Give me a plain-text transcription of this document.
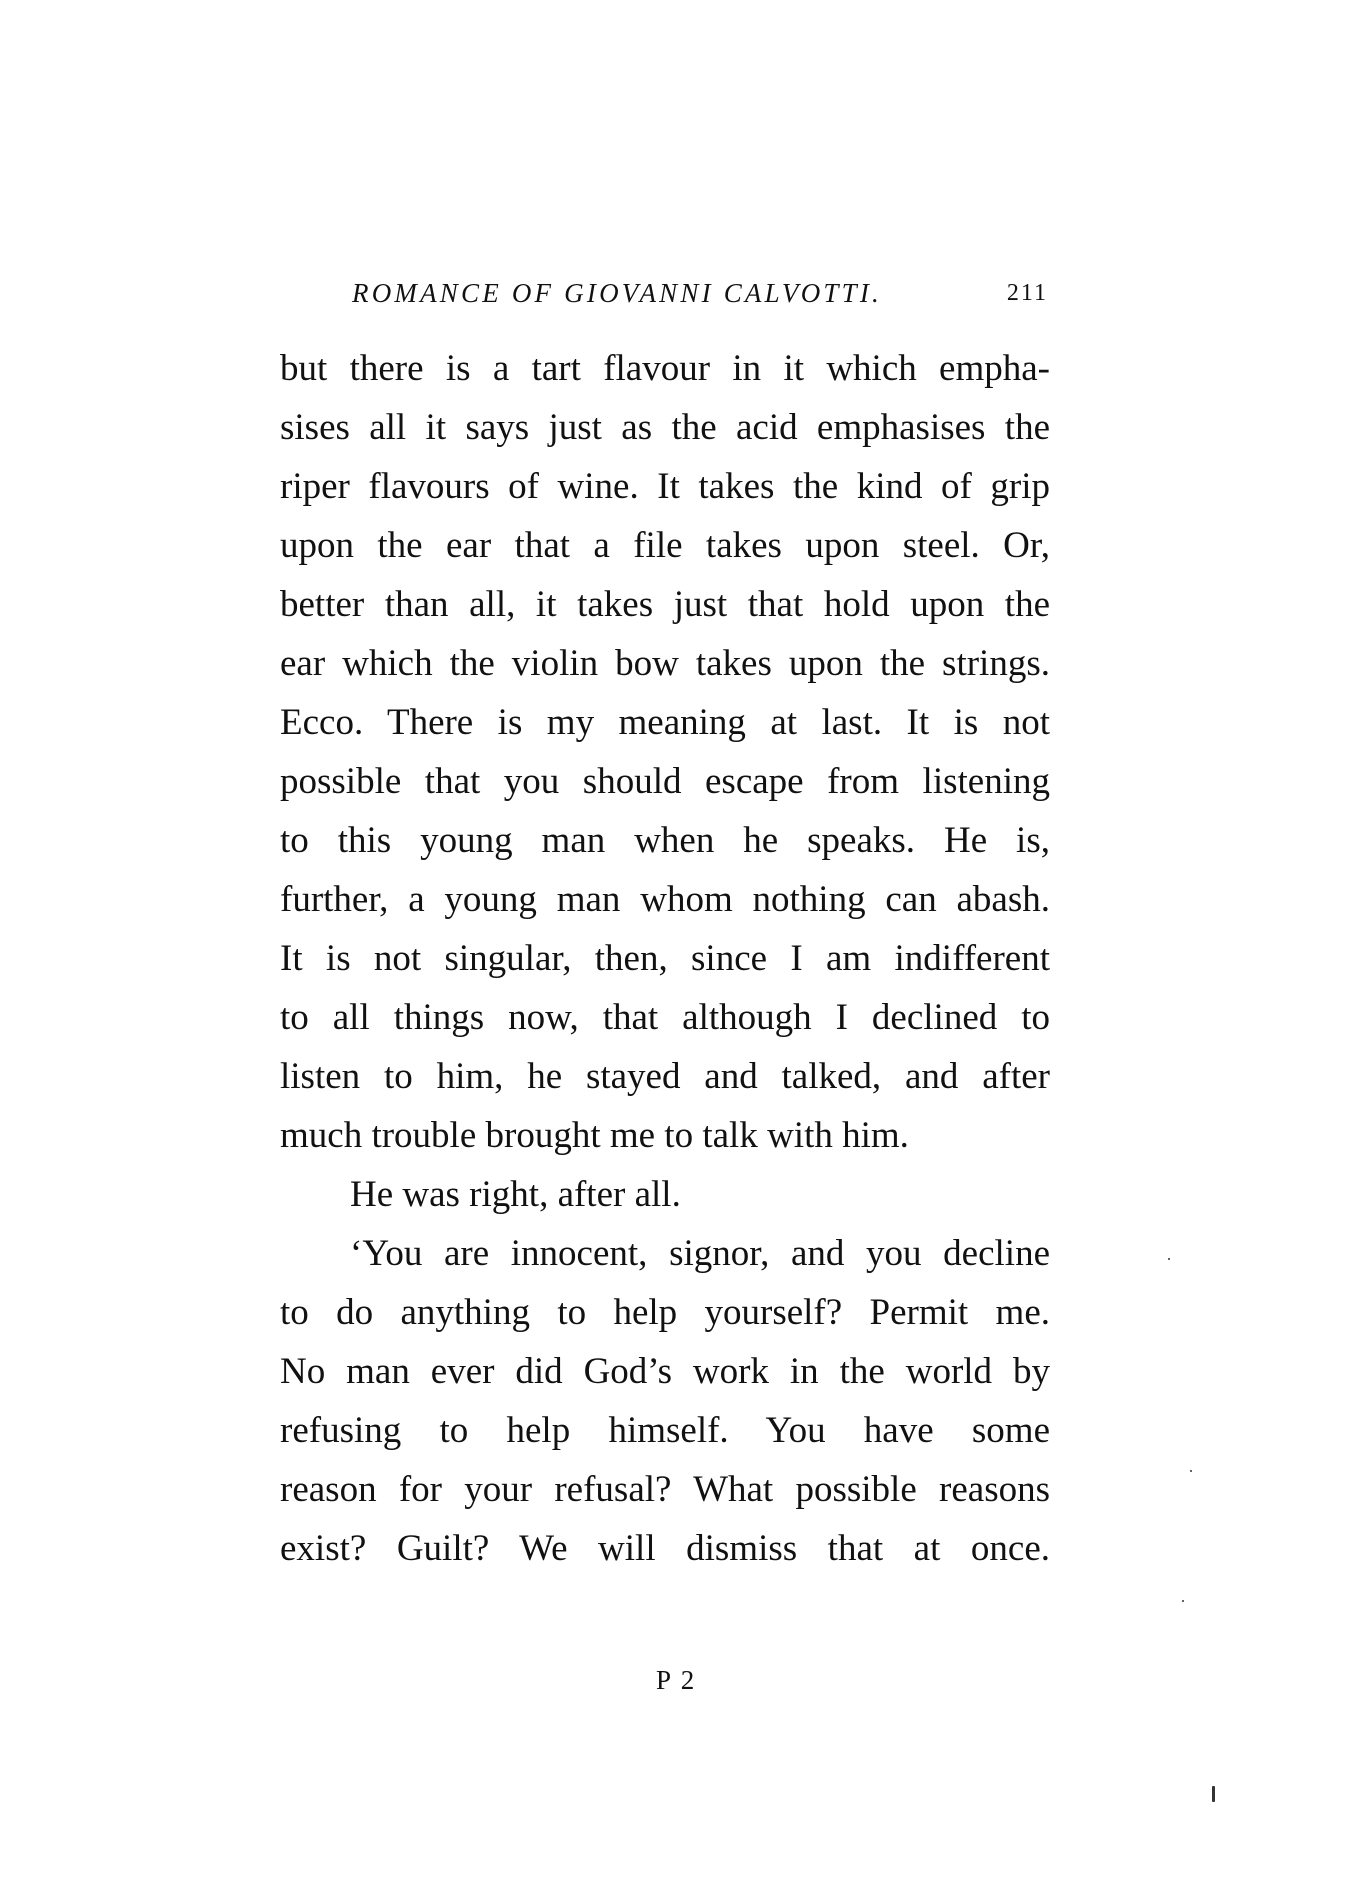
ROMANCE OF GIOVANNI CALVOTTI.	211
but there is a tart flavour in it which empha-
sises all it says just as the acid emphasises the
riper flavours of wine. It takes the kind of grip
upon the ear that a file takes upon steel. Or,
better than all, it takes just that hold upon the
ear which the violin bow takes upon the strings.
Ecco. There is my meaning at last. It is not
possible that you should escape from listening
to this young man when he speaks. He is,
further, a young man whom nothing can abash.
It is not singular, then, since I am indifferent
to all things now, that although I declined to
listen to him, he stayed and talked, and after
much trouble brought me to talk with him.
He was right, after all.
‘You are innocent, signor, and you decline
to do anything to help yourself? Permit me.
No man ever did God’s work in the world by
refusing to help himself. You have some
reason for your refusal? What possible reasons
exist? Guilt? We will dismiss that at once.
P 2
